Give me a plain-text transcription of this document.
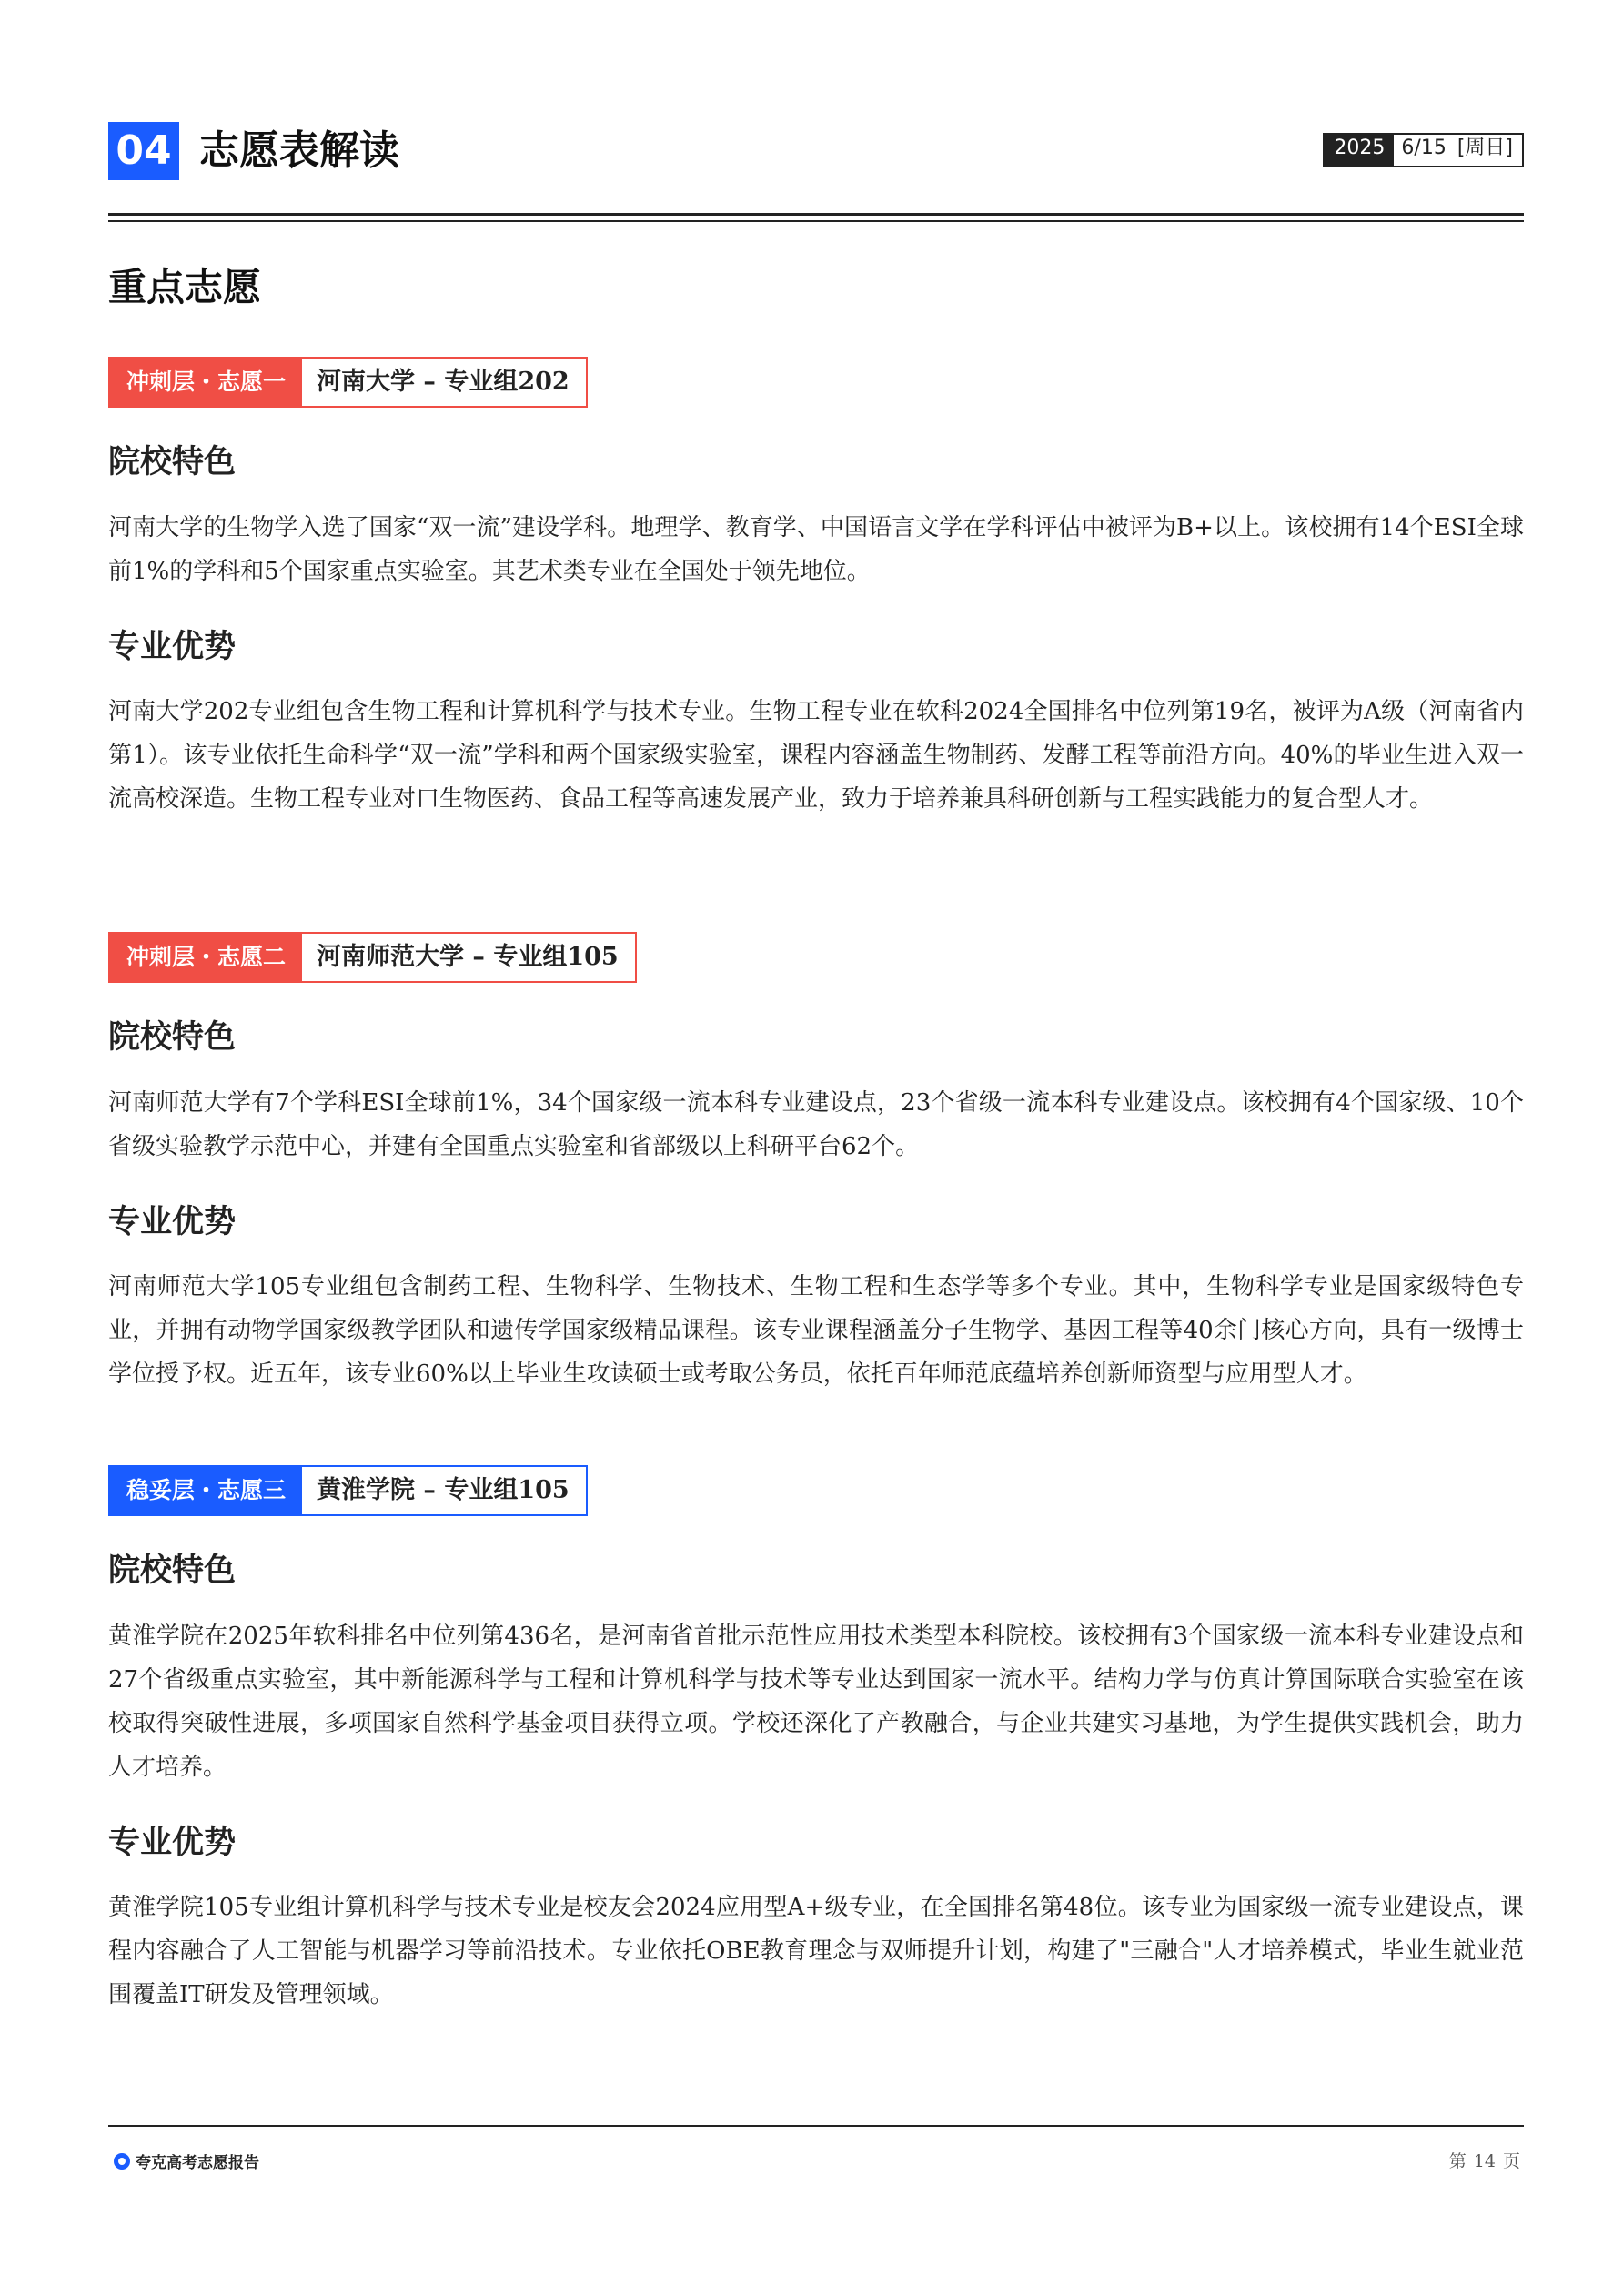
04 志愿表解读	2025 6/15 [周日]
重点志愿
冲刺层・志愿一	河南大学 – 专业组202
院校特色

河南大学的生物学入选了国家“双一流”建设学科。地理学、教育学、中国语言文学在学科评估中被评为B+以上。该校拥有14个ESI全球前1%的学科和5个国家重点实验室。其艺术类专业在全国处于领先地位。

专业优势

河南大学202专业组包含生物工程和计算机科学与技术专业。生物工程专业在软科2024全国排名中位列第19名，被评为A级（河南省内第1）。该专业依托生命科学“双一流”学科和两个国家级实验室，课程内容涵盖生物制药、发酵工程等前沿方向。40%的毕业生进入双一流高校深造。生物工程专业对口生物医药、食品工程等高速发展产业，致力于培养兼具科研创新与工程实践能力的复合型人才。

冲刺层・志愿二	河南师范大学 – 专业组105
院校特色

河南师范大学有7个学科ESI全球前1%，34个国家级一流本科专业建设点，23个省级一流本科专业建设点。该校拥有4个国家级、10个省级实验教学示范中心，并建有全国重点实验室和省部级以上科研平台62个。

专业优势

河南师范大学105专业组包含制药工程、生物科学、生物技术、生物工程和生态学等多个专业。其中，生物科学专业是国家级特色专业，并拥有动物学国家级教学团队和遗传学国家级精品课程。该专业课程涵盖分子生物学、基因工程等40余门核心方向，具有一级博士学位授予权。近五年，该专业60%以上毕业生攻读硕士或考取公务员，依托百年师范底蕴培养创新师资型与应用型人才。

稳妥层・志愿三	黄淮学院 – 专业组105
院校特色

黄淮学院在2025年软科排名中位列第436名，是河南省首批示范性应用技术类型本科院校。该校拥有3个国家级一流本科专业建设点和27个省级重点实验室，其中新能源科学与工程和计算机科学与技术等专业达到国家一流水平。结构力学与仿真计算国际联合实验室在该校取得突破性进展，多项国家自然科学基金项目获得立项。学校还深化了产教融合，与企业共建实习基地，为学生提供实践机会，助力人才培养。

专业优势

黄淮学院105专业组计算机科学与技术专业是校友会2024应用型A+级专业，在全国排名第48位。该专业为国家级一流专业建设点，课程内容融合了人工智能与机器学习等前沿技术。专业依托OBE教育理念与双师提升计划，构建了"三融合"人才培养模式，毕业生就业范围覆盖IT研发及管理领域。

夸克高考志愿报告	第 14 页
